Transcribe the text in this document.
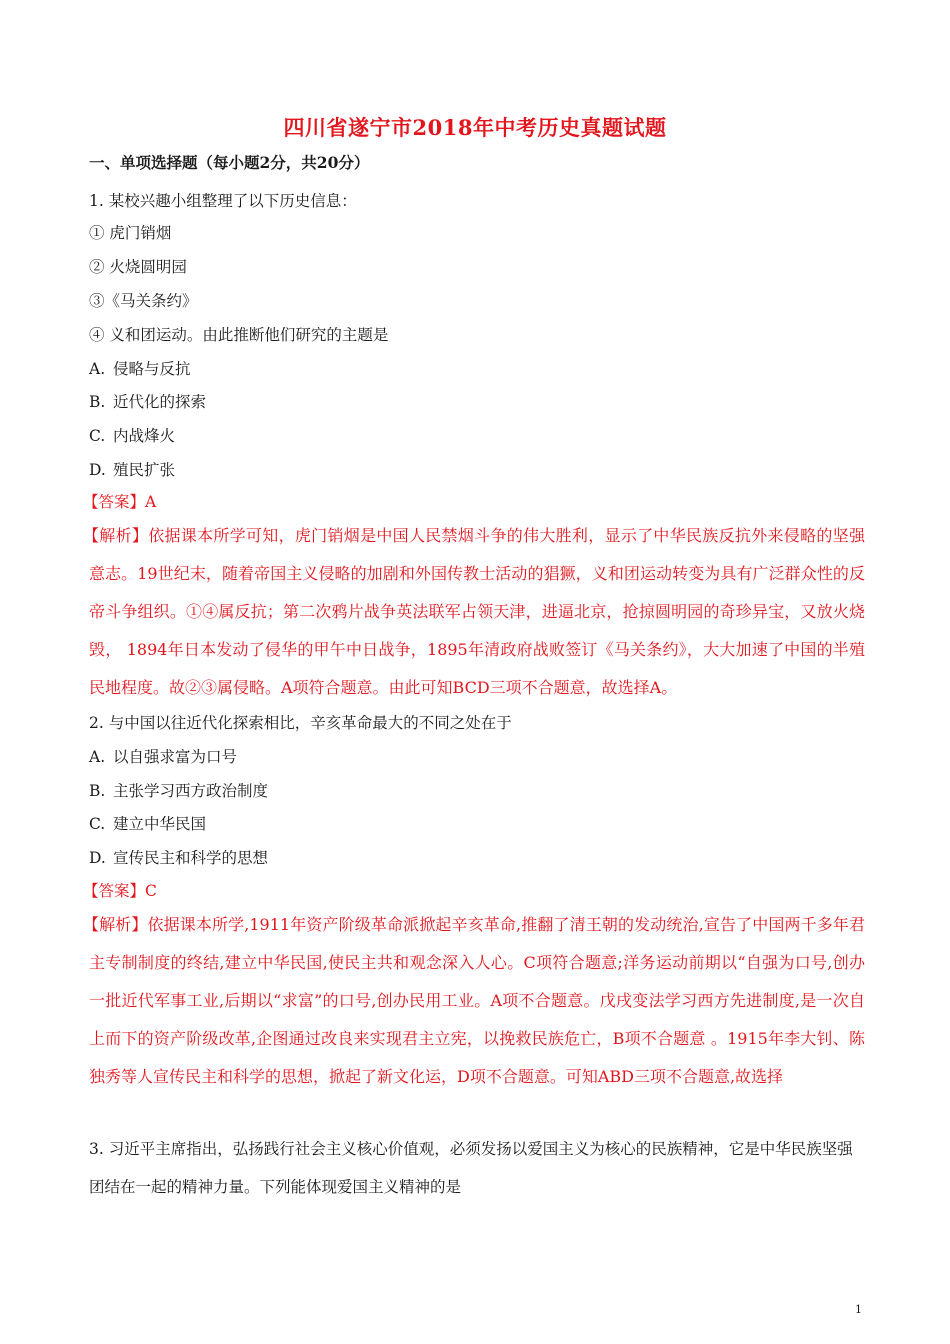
四川省遂宁市2018年中考历史真题试题
一、单项选择题（每小题2分，共20分）
1. 某校兴趣小组整理了以下历史信息：
① 虎门销烟
② 火烧圆明园
③《马关条约》
④ 义和团运动。由此推断他们研究的主题是
A. 侵略与反抗
B. 近代化的探索
C. 内战烽火
D. 殖民扩张
【答案】A
【解析】依据课本所学可知，虎门销烟是中国人民禁烟斗争的伟大胜利，显示了中华民族反抗外来侵略的坚强意志。19世纪末，随着帝国主义侵略的加剧和外国传教士活动的猖獗，义和团运动转变为具有广泛群众性的反帝斗争组织。①④属反抗；第二次鸦片战争英法联军占领天津，进逼北京，抢掠圆明园的奇珍异宝，又放火烧毁， 1894年日本发动了侵华的甲午中日战争，1895年清政府战败签订《马关条约》，大大加速了中国的半殖民地程度。故②③属侵略。A项符合题意。由此可知BCD三项不合题意，故选择A。
2. 与中国以往近代化探索相比，辛亥革命最大的不同之处在于
A. 以自强求富为口号
B. 主张学习西方政治制度
C. 建立中华民国
D. 宣传民主和科学的思想
【答案】C
【解析】依据课本所学,1911年资产阶级革命派掀起辛亥革命,推翻了清王朝的发动统治,宣告了中国两千多年君主专制制度的终结,建立中华民国,使民主共和观念深入人心。C项符合题意;洋务运动前期以“自强为口号,创办一批近代军事工业,后期以“求富”的口号,创办民用工业。A项不合题意。戊戌变法学习西方先进制度,是一次自上而下的资产阶级改革,企图通过改良来实现君主立宪，以挽救民族危亡，B项不合题意 。1915年李大钊、陈独秀等人宣传民主和科学的思想，掀起了新文化运，D项不合题意。可知ABD三项不合题意,故选择
3. 习近平主席指出，弘扬践行社会主义核心价值观，必须发扬以爱国主义为核心的民族精神，它是中华民族坚强团结在一起的精神力量。下列能体现爱国主义精神的是
1
